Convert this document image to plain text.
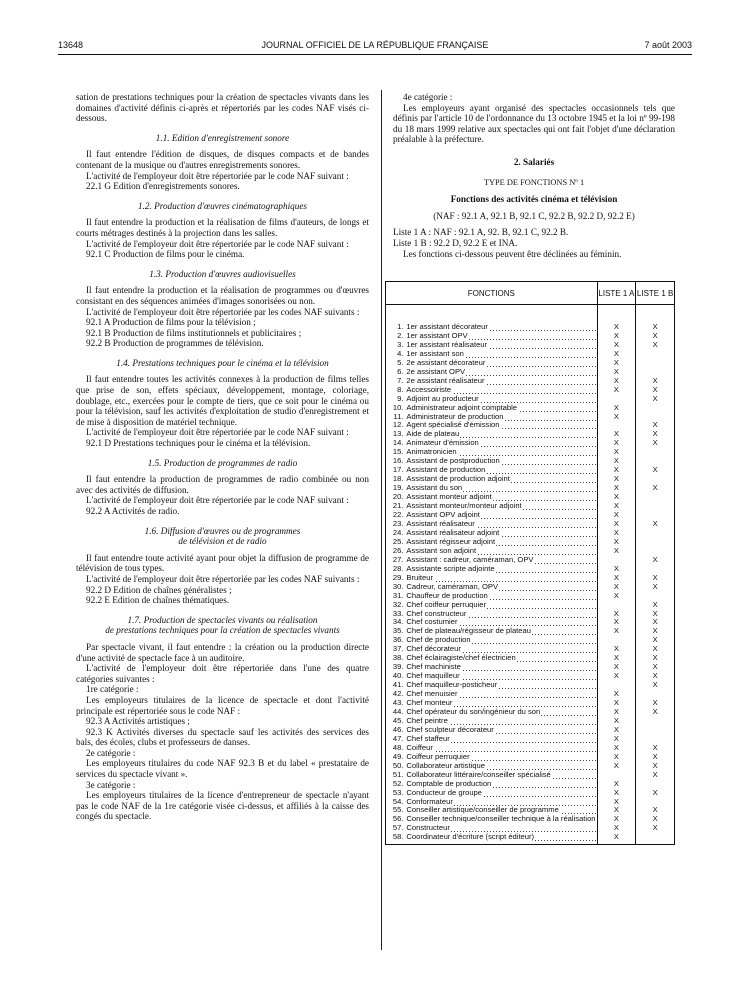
13648	JOURNAL OFFICIEL DE LA RÉPUBLIQUE FRANÇAISE	7 août 2003

sation de prestations techniques pour la création de spectacles vivants dans les domaines d'activité définis ci-après et répertoriés par les codes NAF visés ci-dessous.

1.1. Edition d'enregistrement sonore

Il faut entendre l'édition de disques, de disques compacts et de bandes contenant de la musique ou d'autres enregistrements sonores.

L'activité de l'employeur doit être répertoriée par le code NAF suivant :

22.1 G Edition d'enregistrements sonores.

1.2. Production d'œuvres cinématographiques

Il faut entendre la production et la réalisation de films d'auteurs, de longs et courts métrages destinés à la projection dans les salles.

L'activité de l'employeur doit être répertoriée par le code NAF suivant :

92.1 C Production de films pour le cinéma.

1.3. Production d'œuvres audiovisuelles

Il faut entendre la production et la réalisation de programmes ou d'œuvres consistant en des séquences animées d'images sonorisées ou non.

L'activité de l'employeur doit être répertoriée par les codes NAF suivants :

92.1 A Production de films pour la télévision ;

92.1 B Production de films institutionnels et publicitaires ;

92.2 B Production de programmes de télévision.

1.4. Prestations techniques pour le cinéma et la télévision

Il faut entendre toutes les activités connexes à la production de films telles que prise de son, effets spéciaux, développement, montage, coloriage, doublage, etc., exercées pour le compte de tiers, que ce soit pour le cinéma ou pour la télévision, sauf les activités d'exploitation de studio d'enregistrement et de mise à disposition de matériel technique.

L'activité de l'employeur doit être répertoriée par le code NAF suivant :

92.1 D Prestations techniques pour le cinéma et la télévision.

1.5. Production de programmes de radio

Il faut entendre la production de programmes de radio combinée ou non avec des activités de diffusion.

L'activité de l'employeur doit être répertoriée par le code NAF suivant :

92.2 A Activités de radio.

1.6. Diffusion d'œuvres ou de programmes

de télévision et de radio

Il faut entendre toute activité ayant pour objet la diffusion de programme de télévision de tous types.

L'activité de l'employeur doit être répertoriée par les codes NAF suivants :

92.2 D Edition de chaînes généralistes ;

92.2 E Edition de chaînes thématiques.

1.7. Production de spectacles vivants ou réalisation

de prestations techniques pour la création de spectacles vivants

Par spectacle vivant, il faut entendre : la création ou la production directe d'une activité de spectacle face à un auditoire.

L'activité de l'employeur doit être répertoriée dans l'une des quatre catégories suivantes :

1re catégorie :

Les employeurs titulaires de la licence de spectacle et dont l'activité principale est répertoriée sous le code NAF :

92.3 A Activités artistiques ;

92.3 K Activités diverses du spectacle sauf les activités des services des bals, des écoles, clubs et professeurs de danses.

2e catégorie :

Les employeurs titulaires du code NAF 92.3 B et du label « prestataire de services du spectacle vivant ».

3e catégorie :

Les employeurs titulaires de la licence d'entrepreneur de spectacle n'ayant pas le code NAF de la 1re catégorie visée ci-dessus, et affiliés à la caisse des congés du spectacle.

4e catégorie :

Les employeurs ayant organisé des spectacles occasionnels tels que définis par l'article 10 de l'ordonnance du 13 octobre 1945 et la loi nº 99-198 du 18 mars 1999 relative aux spectacles qui ont fait l'objet d'une déclaration préalable à la préfecture.

2. Salariés

TYPE DE FONCTIONS Nº 1

Fonctions des activités cinéma et télévision

(NAF : 92.1 A, 92.1 B, 92.1 C, 92.2 B, 92.2 D, 92.2 E)

Liste 1 A : NAF : 92.1 A, 92. B, 92.1 C, 92.2 B.

Liste 1 B : 92.2 D, 92.2 E et INA.

Les fonctions ci-dessous peuvent être déclinées au féminin.

FONCTIONS		LISTE 1 A	LISTE 1 B

1.	1er assistant décorateur	X	X
2.	1er assistant OPV	X	X
3.	1er assistant réalisateur	X	X
4.	1er assistant son	X	
5.	2e assistant décorateur	X	
6.	2e assistant OPV	X	
7.	2e assistant réalisateur	X	X
8.	Accessoiriste	X	X
9.	Adjoint au producteur		X
10.	Administrateur adjoint comptable	X	
11.	Administrateur de production	X	
12.	Agent spécialisé d'émission		X
13.	Aide de plateau	X	X
14.	Animateur d'émission	X	X
15.	Animatronicien	X	
16.	Assistant de postproduction	X	
17.	Assistant de production	X	X
18.	Assistant de production adjoint	X	
19.	Assistant du son	X	X
20.	Assistant monteur adjoint	X	
21.	Assistant monteur/monteur adjoint	X	
22.	Assistant OPV adjoint	X	
23.	Assistant réalisateur	X	X
24.	Assistant réalisateur adjoint	X	
25.	Assistant régisseur adjoint	X	
26.	Assistant son adjoint	X	
27.	Assistant : cadreur, caméraman, OPV		X
28.	Assistante scripte adjointe	X	
29.	Bruiteur	X	X
30.	Cadreur, caméraman, OPV	X	X
31.	Chauffeur de production	X	
32.	Chef coiffeur perruquier		X
33.	Chef constructeur	X	X
34.	Chef costumier	X	X
35.	Chef de plateau/régisseur de plateau	X	X
36.	Chef de production		X
37.	Chef décorateur	X	X
38.	Chef éclairagiste/chef électricien	X	X
39.	Chef machiniste	X	X
40.	Chef maquilleur	X	X
41.	Chef maquilleur-posticheur		X
42.	Chef menuisier	X	
43.	Chef monteur	X	X
44.	Chef opérateur du son/ingénieur du son	X	X
45.	Chef peintre	X	
46.	Chef sculpteur décorateur	X	
47.	Chef staffeur	X	
48.	Coiffeur	X	X
49.	Coiffeur perruquier	X	X
50.	Collaborateur artistique	X	X
51.	Collaborateur littéraire/conseiller spécialisé		X
52.	Comptable de production	X	
53.	Conducteur de groupe	X	X
54.	Conformateur	X	
55.	Conseiller artistique/conseiller de programme	X	X
56.	Conseiller technique/conseiller technique à la réalisation	X	X
57.	Constructeur	X	X
58.	Coordinateur d'écriture (script éditeur)	X	
